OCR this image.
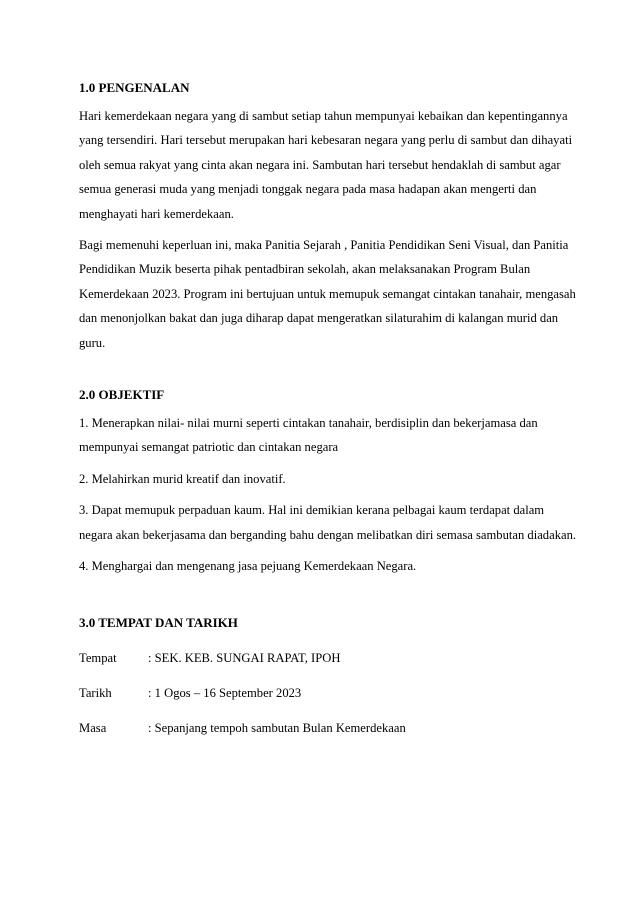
1.0 PENGENALAN

Hari kemerdekaan negara yang di sambut setiap tahun mempunyai kebaikan dan kepentingannya yang tersendiri. Hari tersebut merupakan hari kebesaran negara yang perlu di sambut dan dihayati oleh semua rakyat yang cinta akan negara ini. Sambutan hari tersebut hendaklah di sambut agar semua generasi muda yang menjadi tonggak negara pada masa hadapan akan mengerti dan menghayati hari kemerdekaan.

Bagi memenuhi keperluan ini, maka Panitia Sejarah , Panitia Pendidikan Seni Visual, dan Panitia Pendidikan Muzik beserta pihak pentadbiran sekolah, akan melaksanakan Program Bulan Kemerdekaan 2023. Program ini bertujuan untuk memupuk semangat cintakan tanahair, mengasah dan menonjolkan bakat dan juga diharap dapat mengeratkan silaturahim di kalangan murid dan guru.

2.0 OBJEKTIF

1. Menerapkan nilai- nilai murni seperti cintakan tanahair, berdisiplin dan bekerjamasa dan mempunyai semangat patriotic dan cintakan negara

2. Melahirkan murid kreatif dan inovatif.

3. Dapat memupuk perpaduan kaum. Hal ini demikian kerana pelbagai kaum terdapat dalam negara akan bekerjasama dan berganding bahu dengan melibatkan diri semasa sambutan diadakan.

4. Menghargai dan mengenang jasa pejuang Kemerdekaan Negara.

3.0 TEMPAT DAN TARIKH
Tempat	: SEK. KEB. SUNGAI RAPAT, IPOH
Tarikh	: 1 Ogos – 16 September 2023
Masa	: Sepanjang tempoh sambutan Bulan Kemerdekaan
